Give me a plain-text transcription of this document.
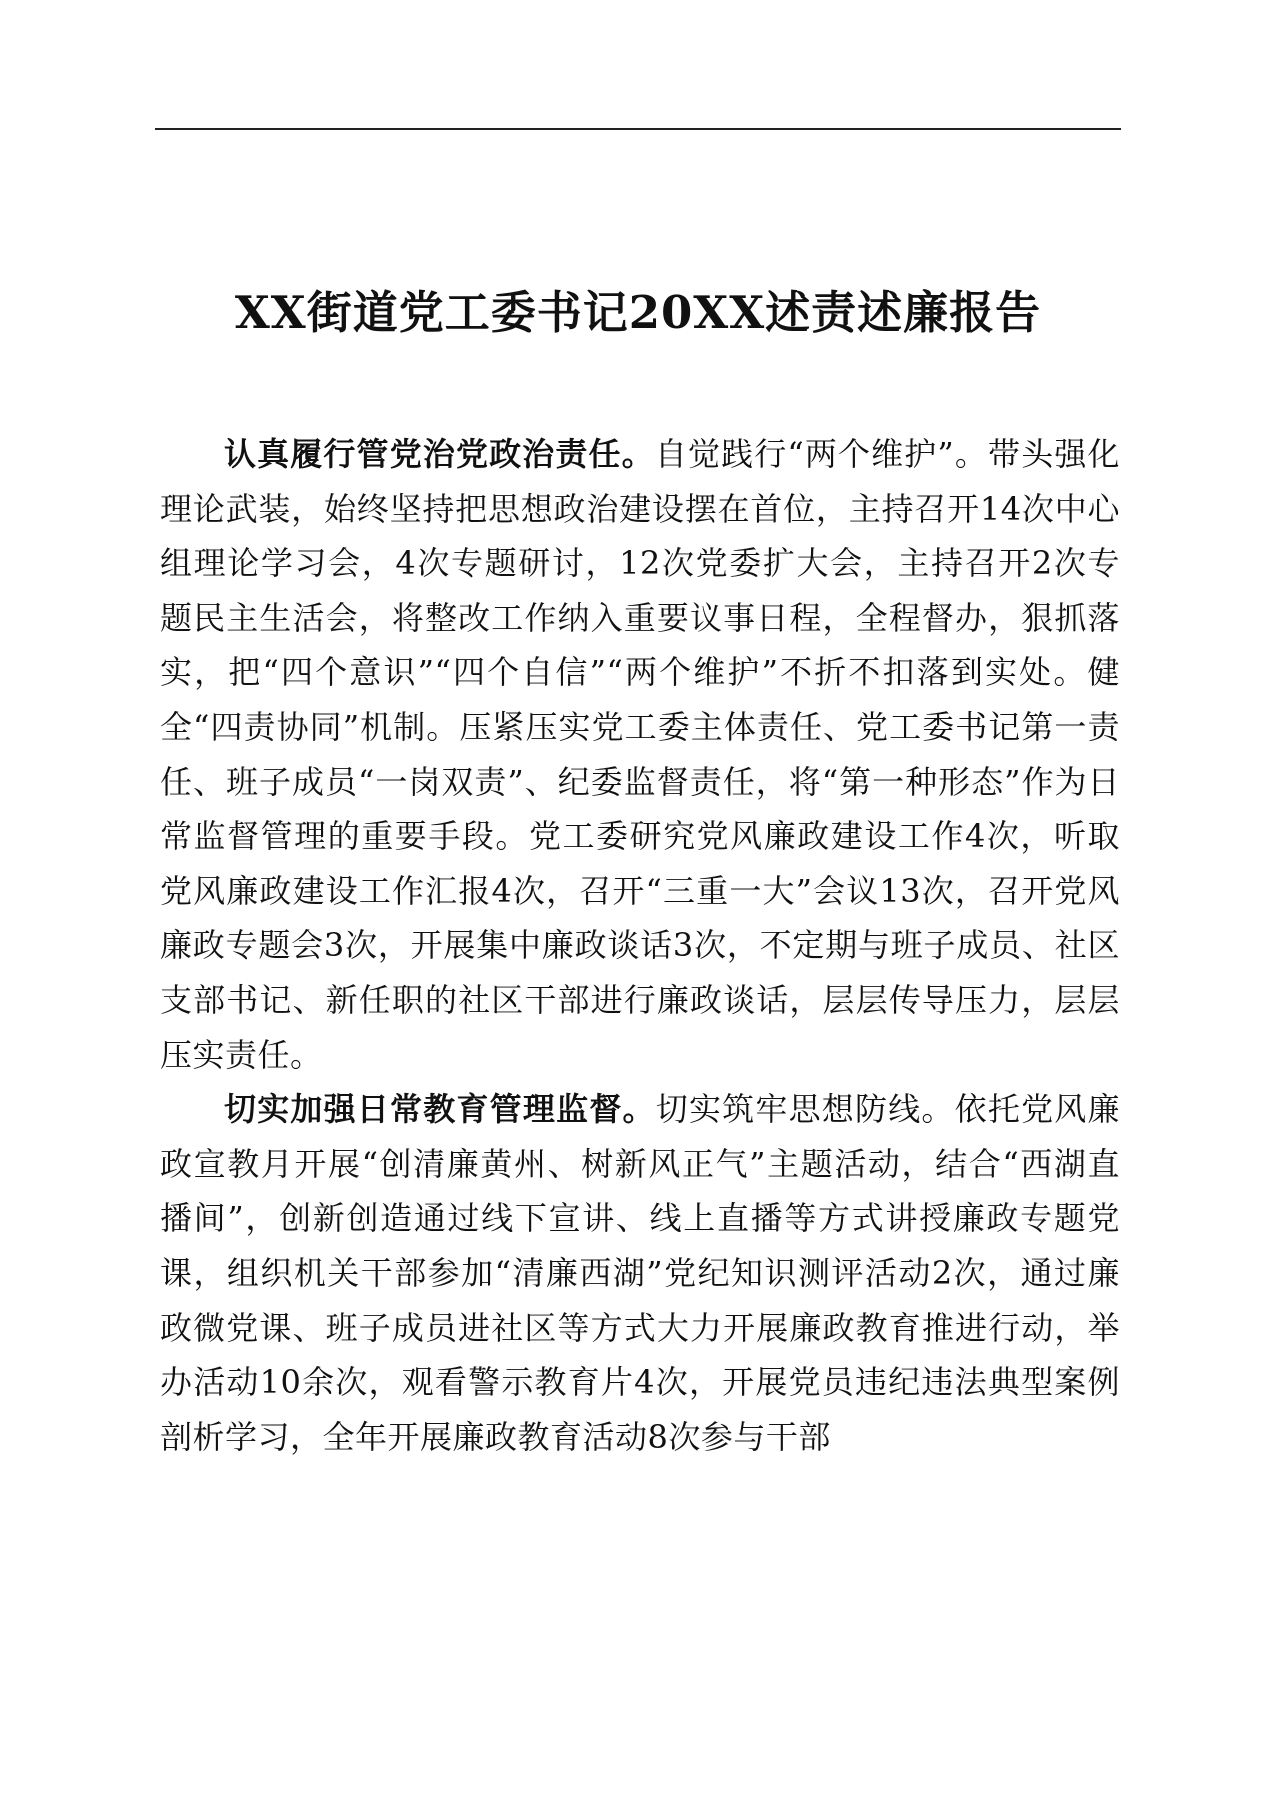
XX街道党工委书记20XX述责述廉报告

认真履行管党治党政治责任。自觉践行“两个维护”。带头强化理论武装，始终坚持把思想政治建设摆在首位，主持召开14次中心组理论学习会，4次专题研讨，12次党委扩大会，主持召开2次专题民主生活会，将整改工作纳入重要议事日程，全程督办，狠抓落实，把“四个意识”“四个自信”“两个维护”不折不扣落到实处。健全“四责协同”机制。压紧压实党工委主体责任、党工委书记第一责任、班子成员“一岗双责”、纪委监督责任，将“第一种形态”作为日常监督管理的重要手段。党工委研究党风廉政建设工作4次，听取党风廉政建设工作汇报4次，召开“三重一大”会议13次，召开党风廉政专题会3次，开展集中廉政谈话3次，不定期与班子成员、社区支部书记、新任职的社区干部进行廉政谈话，层层传导压力，层层压实责任。

切实加强日常教育管理监督。切实筑牢思想防线。依托党风廉政宣教月开展“创清廉黄州、树新风正气”主题活动，结合“西湖直播间”，创新创造通过线下宣讲、线上直播等方式讲授廉政专题党课，组织机关干部参加“清廉西湖”党纪知识测评活动2次，通过廉政微党课、班子成员进社区等方式大力开展廉政教育推进行动，举办活动10余次，观看警示教育片4次，开展党员违纪违法典型案例剖析学习，全年开展廉政教育活动8次参与干部
